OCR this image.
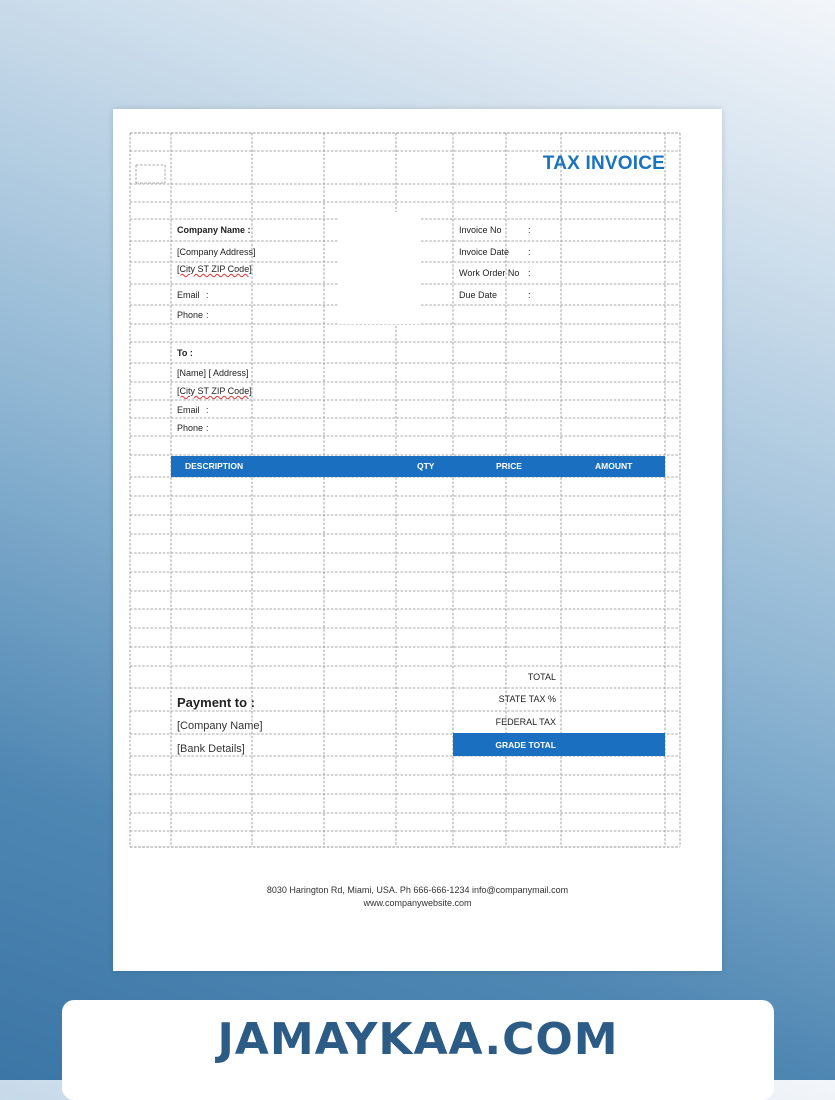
TAX INVOICE
Company Name :
[Company Address]
[City ST ZIP Code]
Email :
Phone :
Invoice No	:
Invoice Date :
Work Order No :
Due Date	:
To :
[Name] [ Address]
[City ST ZIP Code]
Email :
Phone :
DESCRIPTION	QTY	PRICE	AMOUNT
TOTAL
STATE TAX %
FEDERAL TAX
GRADE TOTAL
Payment to :
[Company Name]
[Bank Details]
8030 Harington Rd, Miami, USA. Ph 666-666-1234 info@companymail.com
www.companywebsite.com
JAMAYKAA.COM
